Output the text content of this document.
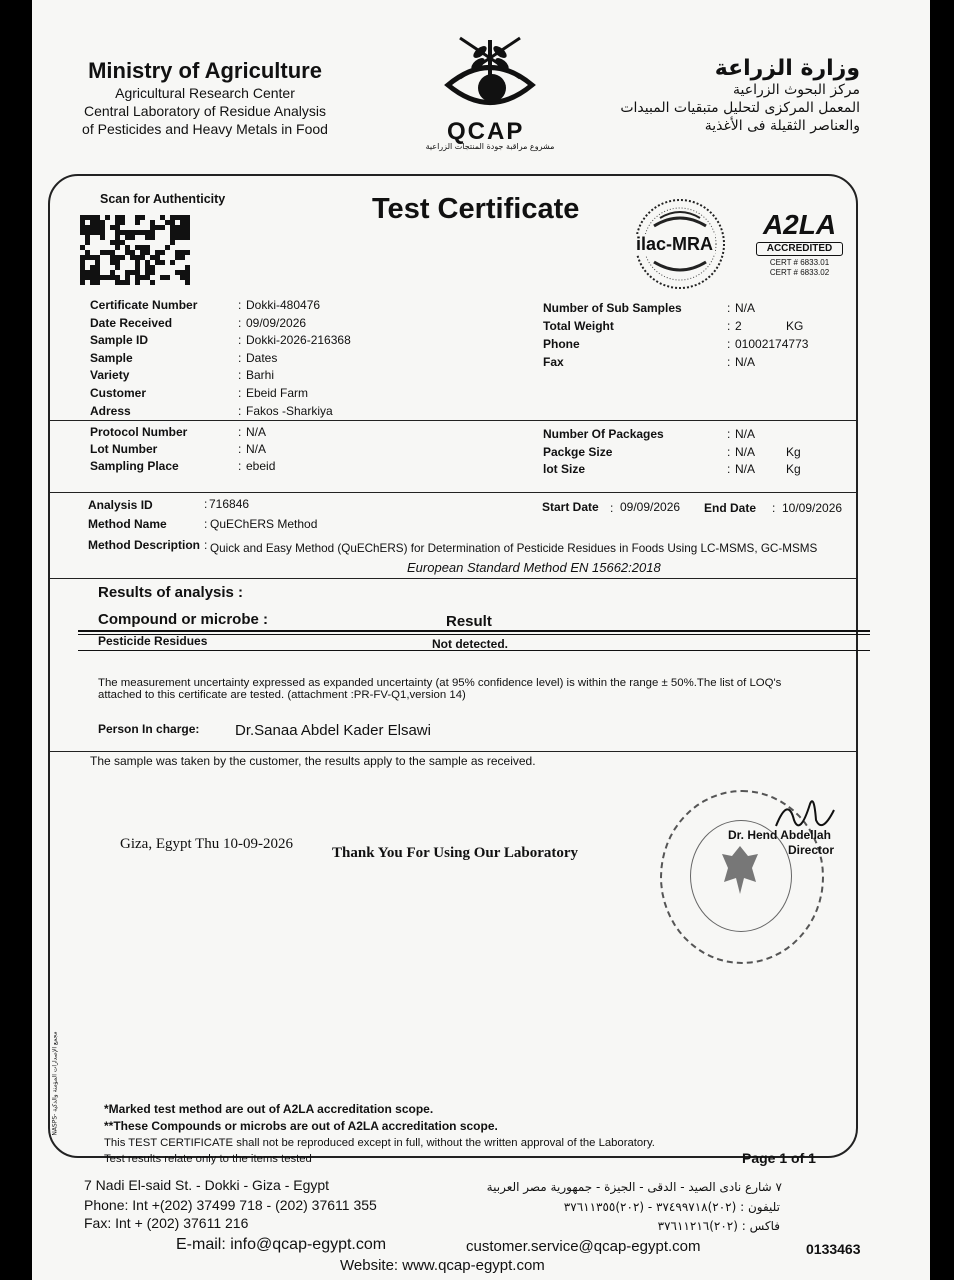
Ministry of Agriculture
Agricultural Research Center
Central Laboratory of Residue Analysis
of Pesticides and Heavy Metals in Food	QCAP
مشروع مراقبة جودة المنتجات الزراعية
وزارة الزراعة
مركز البحوث الزراعية
المعمل المركزى لتحليل متبقيات المبيدات
والعناصر الثقيلة فى الأغذية
Scan for Authenticity	Test Certificate
ilac-MRA
A2LA
ACCREDITED
CERT # 6833.01
CERT # 6833.02
Certificate Number	: Dokki-480476
Date Received	: 09/09/2026
Sample ID	: Dokki-2026-216368
Sample	: Dates
Variety	: Barhi
Customer	: Ebeid Farm
Adress	: Fakos -Sharkiya
Number of Sub Samples	: N/A
Total Weight	: 2	KG
Phone	: 01002174773
Fax	: N/A
Protocol Number	: N/A
Lot Number	: N/A
Sampling Place	: ebeid
Number Of Packages	: N/A
Packge Size	: N/A	Kg
lot Size	: N/A	Kg
Analysis ID	: 716846	Start Date : 09/09/2026 End Date : 10/09/2026
Method Name	: QuEChERS Method
Method Description : Quick and Easy Method (QuEChERS) for Determination of Pesticide Residues in Foods Using LC-MSMS, GC-MSMS
European Standard Method EN 15662:2018
Results of analysis :
Compound or microbe :	Result
Pesticide Residues	Not detected.
The measurement uncertainty expressed as expanded uncertainty (at 95% confidence level) is within the range ± 50%.The list of LOQ's
attached to this certificate are tested. (attachment :PR-FV-Q1,version 14)
Person In charge: Dr.Sanaa Abdel Kader Elsawi
The sample was taken by the customer, the results apply to the sample as received.
Giza, Egypt Thu 10-09-2026
Thank You For Using Our Laboratory
Dr. Hend Abdellah
Director
NASPS- مجمع الإصدارات المؤمنة والذكية	*Marked test method are out of A2LA accreditation scope.
**These Compounds or microbs are out of A2LA accreditation scope.
This TEST CERTIFICATE shall not be reproduced except in full, without the written approval of the Laboratory.
Test results relate only to the items tested	Page 1 of 1
7 Nadi El-said St. - Dokki - Giza - Egypt
Phone: Int +(202) 37499 718 - (202) 37611 355
Fax: Int + (202) 37611 216
٧ شارع نادى الصيد - الدقى - الجيزة - جمهورية مصر العربية
تليفون : (٢٠٢)٣٧٤٩٩٧١٨ - (٢٠٢)٣٧٦١١٣٥٥
فاكس : (٢٠٢)٣٧٦١١٢١٦
E-mail: info@qcap-egypt.com	customer.service@qcap-egypt.com	0133463
Website: www.qcap-egypt.com
